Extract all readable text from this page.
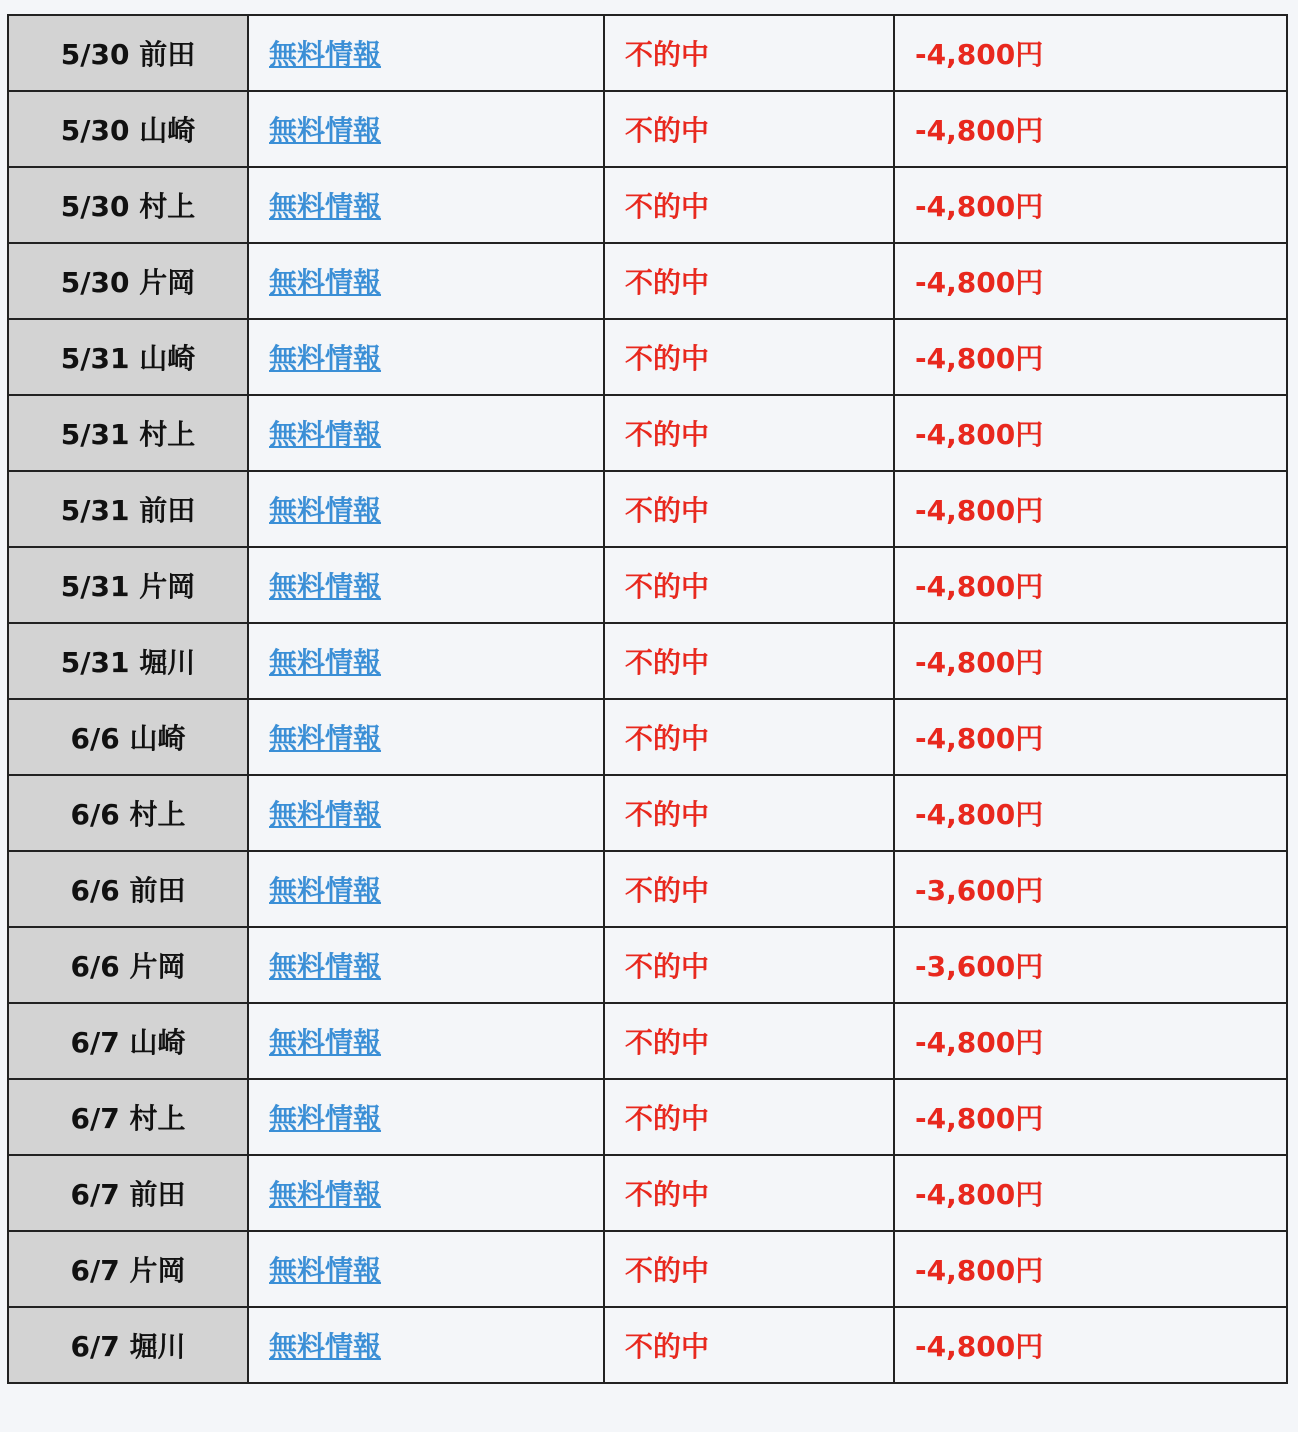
5/30 前田	無料情報	不的中	-4,800円
5/30 山崎	無料情報	不的中	-4,800円
5/30 村上	無料情報	不的中	-4,800円
5/30 片岡	無料情報	不的中	-4,800円
5/31 山崎	無料情報	不的中	-4,800円
5/31 村上	無料情報	不的中	-4,800円
5/31 前田	無料情報	不的中	-4,800円
5/31 片岡	無料情報	不的中	-4,800円
5/31 堀川	無料情報	不的中	-4,800円
6/6 山崎	無料情報	不的中	-4,800円
6/6 村上	無料情報	不的中	-4,800円
6/6 前田	無料情報	不的中	-3,600円
6/6 片岡	無料情報	不的中	-3,600円
6/7 山崎	無料情報	不的中	-4,800円
6/7 村上	無料情報	不的中	-4,800円
6/7 前田	無料情報	不的中	-4,800円
6/7 片岡	無料情報	不的中	-4,800円
6/7 堀川	無料情報	不的中	-4,800円
